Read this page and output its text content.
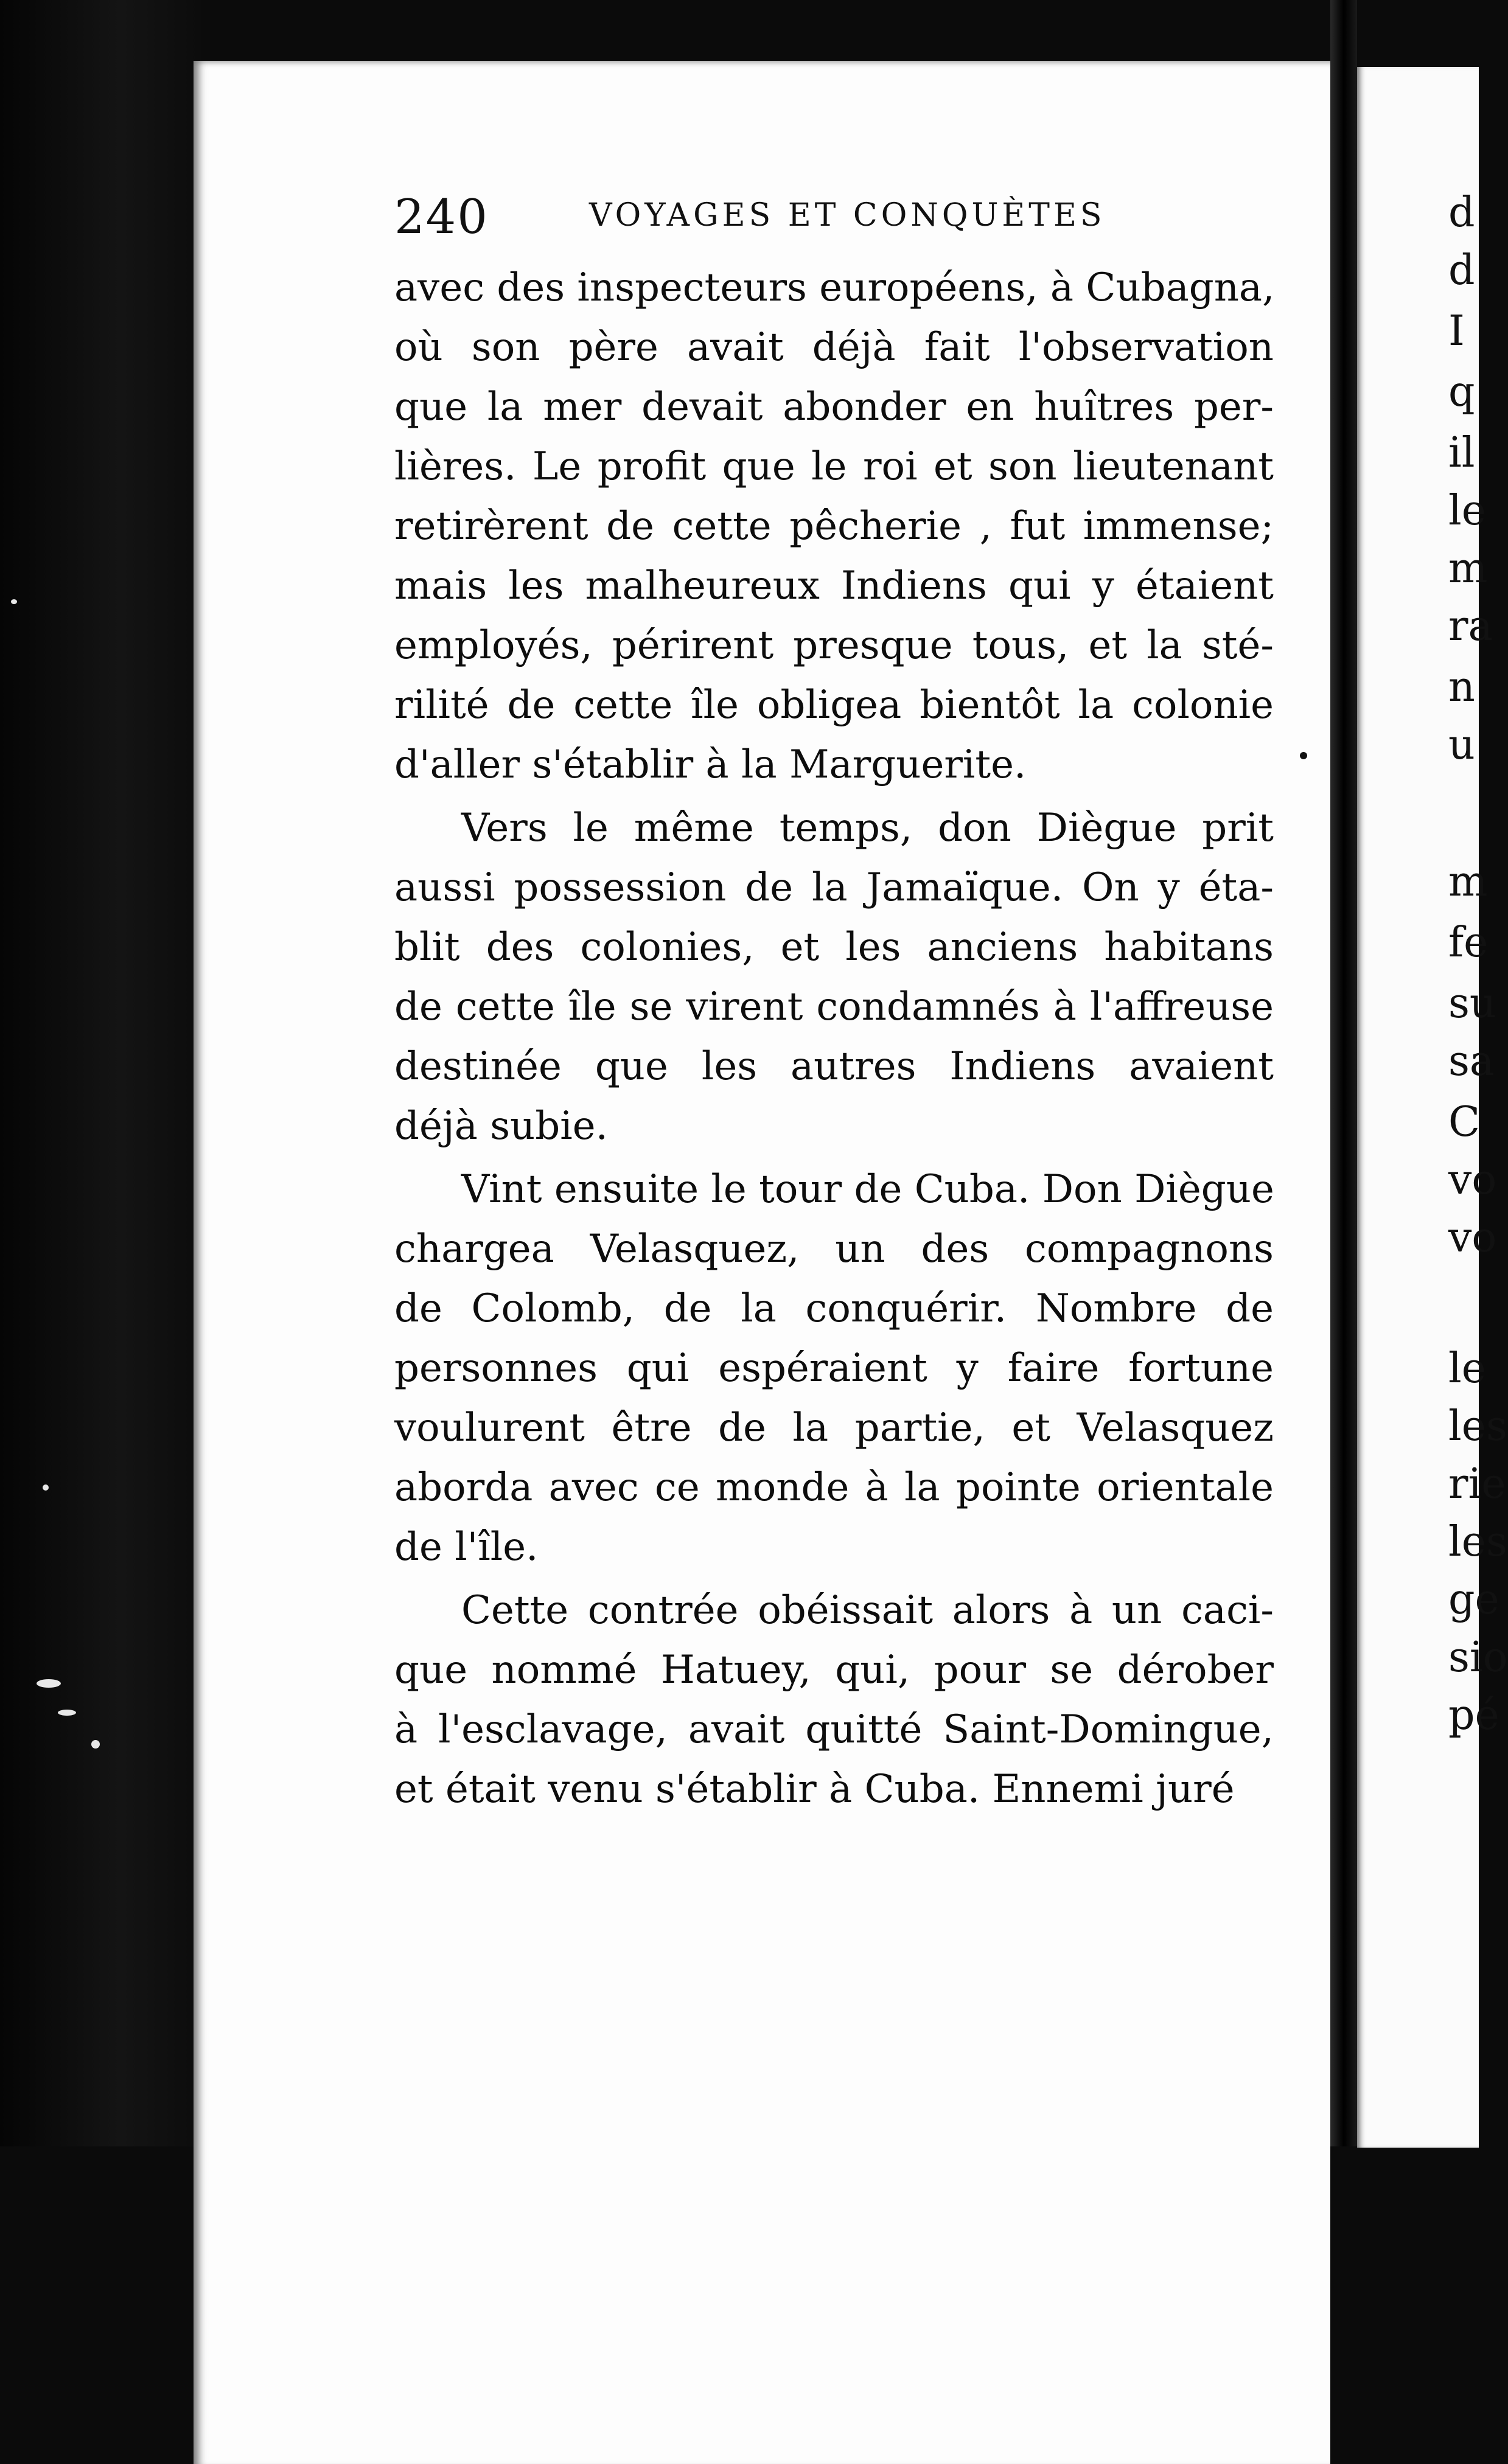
240	VOYAGES ET CONQUÈTES
avec des inspecteurs européens, à Cubagna,
où son père avait déjà fait l'observation
que la mer devait abonder en huîtres per-
lières. Le profit que le roi et son lieutenant
retirèrent de cette pêcherie , fut immense;
mais les malheureux Indiens qui y étaient
employés, périrent presque tous, et la sté-
rilité de cette île obligea bientôt la colonie
d'aller s'établir à la Marguerite.
Vers le même temps, don Diègue prit
aussi possession de la Jamaïque. On y éta-
blit des colonies, et les anciens habitans
de cette île se virent condamnés à l'affreuse
destinée que les autres Indiens avaient
déjà subie.
Vint ensuite le tour de Cuba. Don Diègue
chargea Velasquez, un des compagnons
de Colomb, de la conquérir. Nombre de
personnes qui espéraient y faire fortune
voulurent être de la partie, et Velasquez
aborda avec ce monde à la pointe orientale
de l'île.
Cette contrée obéissait alors à un caci-
que nommé Hatuey, qui, pour se dérober
à l'esclavage, avait quitté Saint-Domingue,
et était venu s'établir à Cuba. Ennemi juré
d
d
I
q
il
le
m
ra
n
u
m
fe
su
sa
C
vo
vo
le
les
rie
les
ge
sio
pé
